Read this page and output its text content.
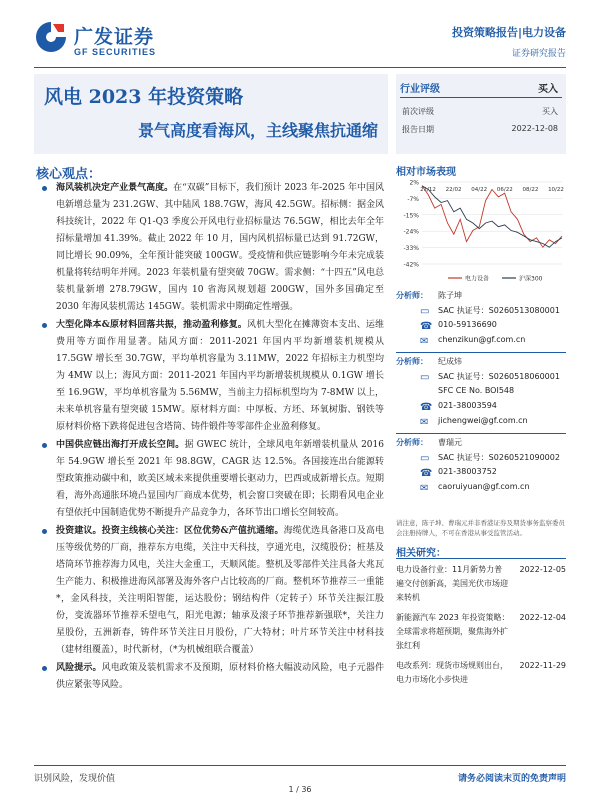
广发证券
GF SECURITIES
投资策略报告|电力设备
证券研究报告
风电 2023 年投资策略
景气高度看海风，主线聚焦抗通缩
行业评级	买入
前次评级	买入
报告日期	2022-12-08
核心观点：
海风装机决定产业景气高度。在“双碳”目标下，我们预计 2023 年-2025 年中国风电新增总量为 231.2GW、其中陆风 188.7GW，海风 42.5GW。招标侧：据金风科技统计，2022 年 Q1-Q3 季度公开风电行业招标量达 76.5GW，相比去年全年招标量增加 41.39%。截止 2022 年 10 月，国内风机招标量已达到 91.72GW，同比增长 90.09%，全年预计能突破 100GW。受疫情和供应链影响今年未完成装机量将转结明年并网。2023 年装机量有望突破 70GW。需求侧：“十四五”风电总装机量新增 278.79GW，国内 10 省海风规划超 200GW，国外多国确定至 2030 年海风装机需达 145GW。装机需求中期确定性增强。
大型化降本&原材料回落共振，推动盈利修复。风机大型化在摊薄资本支出、运维费用等方面作用显著。陆风方面：2011-2021 年国内平均新增装机规模从 17.5GW 增长至 30.7GW，平均单机容量为 3.11MW，2022 年招标主力机型均为 4MW 以上；海风方面：2011-2021 年国内平均新增装机规模从 0.1GW 增长至 16.9GW，平均单机容量为 5.56MW，当前主力招标机型均为 7-8MW 以上，未来单机容量有望突破 15MW。原材料方面：中厚板、方坯、环氧树脂、钢铁等原材料价格下跌将促进包含塔筒、铸件锻件等零部件企业盈利修复。
中国供应链出海打开成长空间。据 GWEC 统计，全球风电年新增装机量从 2016 年 54.9GW 增长至 2021 年 98.8GW，CAGR 达 12.5%。各国接连出台能源转型政策推动碳中和，欧美区域未来提供重要增长驱动力，巴西或成新增长点。短期看，海外高通胀环境凸显国内厂商成本优势，机会窗口突破在即；长期看风电企业有望依托中国制造优势不断提升产品竞争力，各环节出口增长空间较高。
投资建议。投资主线核心关注：区位优势&产值抗通缩。海缆优选具备港口及高电压等级优势的厂商，推荐东方电缆，关注中天科技，亨通光电，汉缆股份；桩基及塔筒环节推荐海力风电，关注大金重工，天顺风能。整机及零部件关注具备大兆瓦生产能力、积极推进海风部署及海外客户占比较高的厂商。整机环节推荐三一重能*，金风科技，关注明阳智能，运达股份；钢结构件（定转子）环节关注振江股份，变流器环节推荐禾望电气，阳光电源；轴承及滚子环节推荐新强联*，关注力星股份，五洲新春，铸件环节关注日月股份，广大特材；叶片环节关注中材科技（建材组覆盖），时代新材，（*为机械组联合覆盖）
风险提示。风电政策及装机需求不及预期，原材料价格大幅波动风险，电子元器件供应紧张等风险。
相对市场表现
2%
-7%
-15%
-24%
-33%
-42%
21/12 22/02 04/22 06/22 08/22 10/22
电力设备	沪深300
分析师： 陈子坤
▭	SAC 执证号：S0260513080001
☎ 010-59136690
✉	chenzikun@gf.com.cn
分析师： 纪成炜
▭	SAC 执证号：S0260518060001
SFC CE No. BOI548
☎ 021-38003594
✉	jichengwei@gf.com.cn
分析师： 曹瑞元
▭	SAC 执证号：S0260521090002
☎ 021-38003752
✉	caoruiyuan@gf.com.cn
请注意，陈子坤、曹瑞元并非香港证券及期货事务监察委员会注册持牌人，不可在香港从事受监管活动。
相关研究：
电力设备行业：11月新势力普遍交付创新高，美国光伏市场迎来转机
2022-12-05
新能源汽车 2023 年投资策略：全球需求将超预期，聚焦海外扩张红利
2022-12-04
电改系列：现货市场规则出台，电力市场化小步快进
2022-11-29
识别风险，发现价值	请务必阅读末页的免责声明
1 / 36
